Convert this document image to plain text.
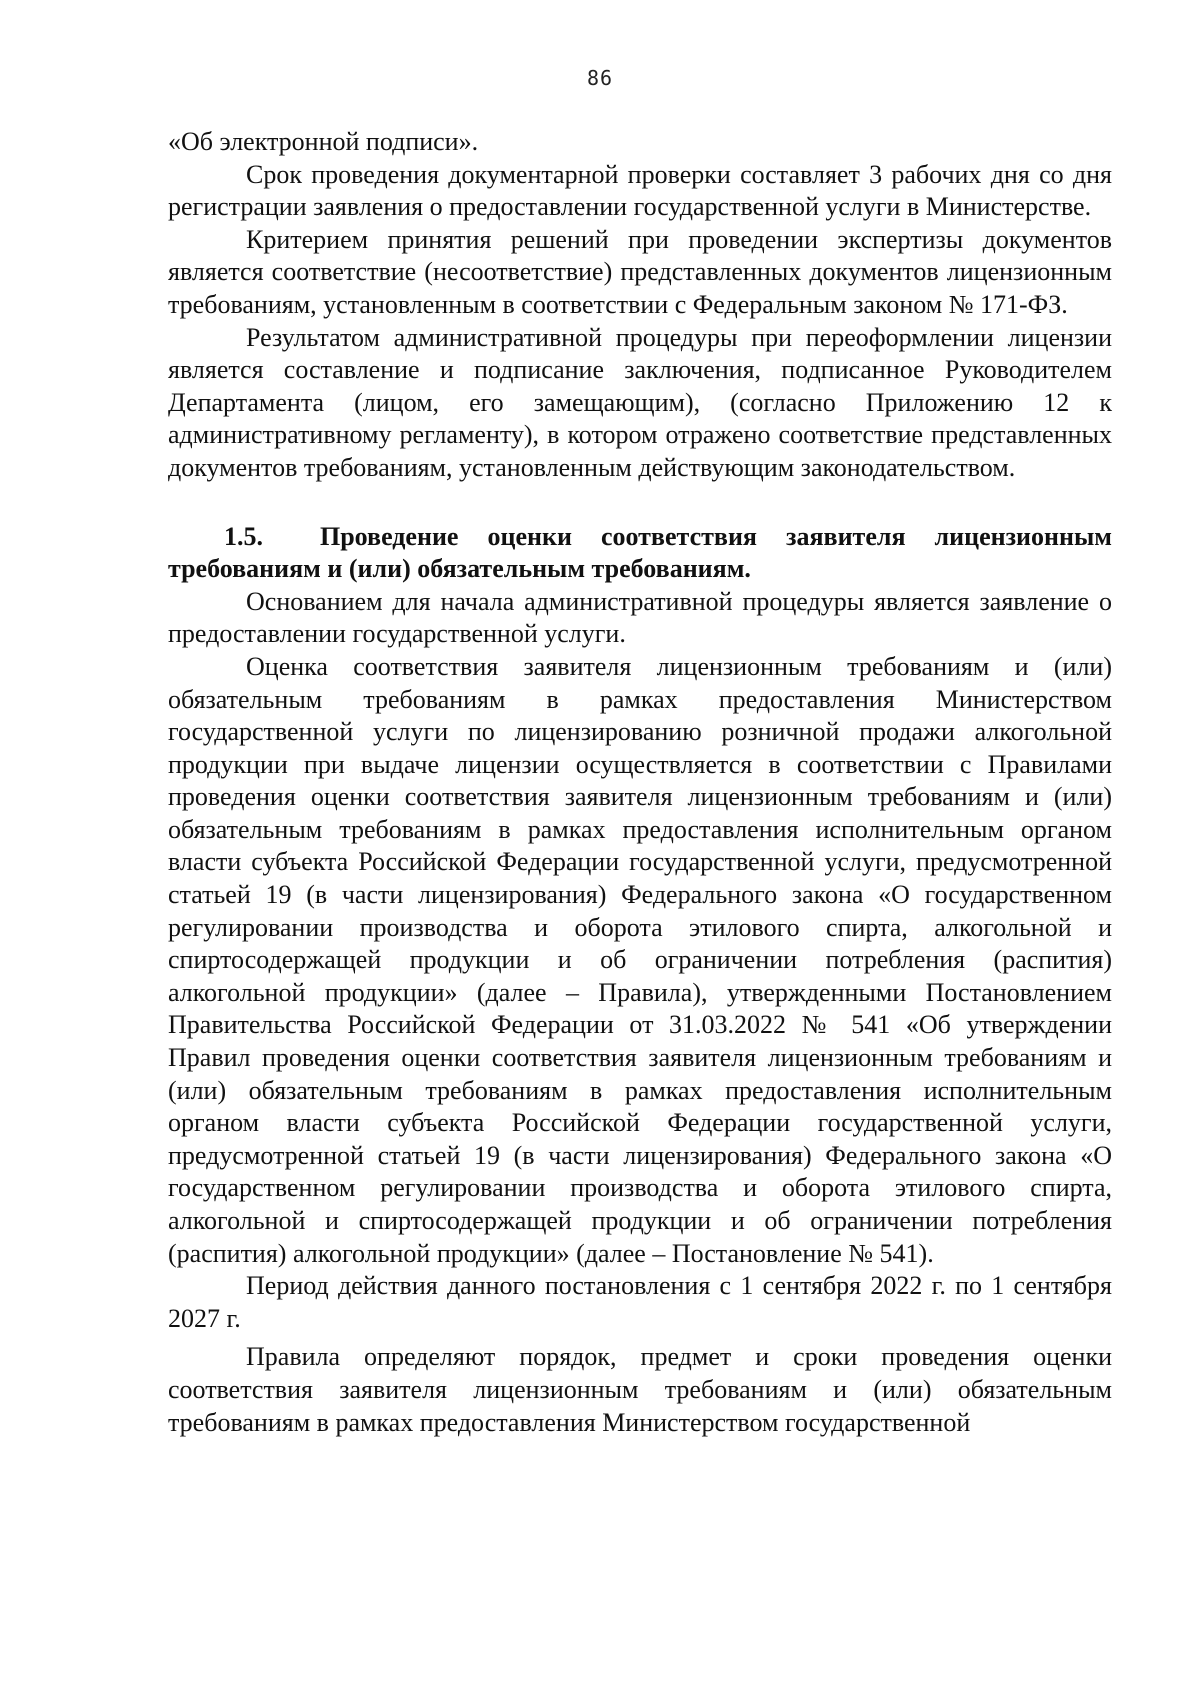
86

«Об электронной подписи».

Срок проведения документарной проверки составляет 3 рабочих дня со дня регистрации заявления о предоставлении государственной услуги в Министерстве.

Критерием принятия решений при проведении экспертизы документов является соответствие (несоответствие) представленных документов лицензионным требованиям, установленным в соответствии с Федеральным законом № 171-ФЗ.

Результатом административной процедуры при переоформлении лицензии является составление и подписание заключения, подписанное Руководителем Департамента (лицом, его замещающим), (согласно Приложению 12 к административному регламенту), в котором отражено соответствие представленных документов требованиям, установленным действующим законодательством.

1.5. Проведение оценки соответствия заявителя лицензионным требованиям и (или) обязательным требованиям.

Основанием для начала административной процедуры является заявление о предоставлении государственной услуги.

Оценка соответствия заявителя лицензионным требованиям и (или) обязательным требованиям в рамках предоставления Министерством государственной услуги по лицензированию розничной продажи алкогольной продукции при выдаче лицензии осуществляется в соответствии с Правилами проведения оценки соответствия заявителя лицензионным требованиям и (или) обязательным требованиям в рамках предоставления исполнительным органом власти субъекта Российской Федерации государственной услуги, предусмотренной статьей 19 (в части лицензирования) Федерального закона «О государственном регулировании производства и оборота этилового спирта, алкогольной и спиртосодержащей продукции и об ограничении потребления (распития) алкогольной продукции» (далее – Правила), утвержденными Постановлением Правительства Российской Федерации от 31.03.2022 № 541 «Об утверждении Правил проведения оценки соответствия заявителя лицензионным требованиям и (или) обязательным требованиям в рамках предоставления исполнительным органом власти субъекта Российской Федерации государственной услуги, предусмотренной статьей 19 (в части лицензирования) Федерального закона «О государственном регулировании производства и оборота этилового спирта, алкогольной и спиртосодержащей продукции и об ограничении потребления (распития) алкогольной продукции» (далее – Постановление № 541).

Период действия данного постановления с 1 сентября 2022 г. по 1 сентября 2027 г.

Правила определяют порядок, предмет и сроки проведения оценки соответствия заявителя лицензионным требованиям и (или) обязательным требованиям в рамках предоставления Министерством государственной
